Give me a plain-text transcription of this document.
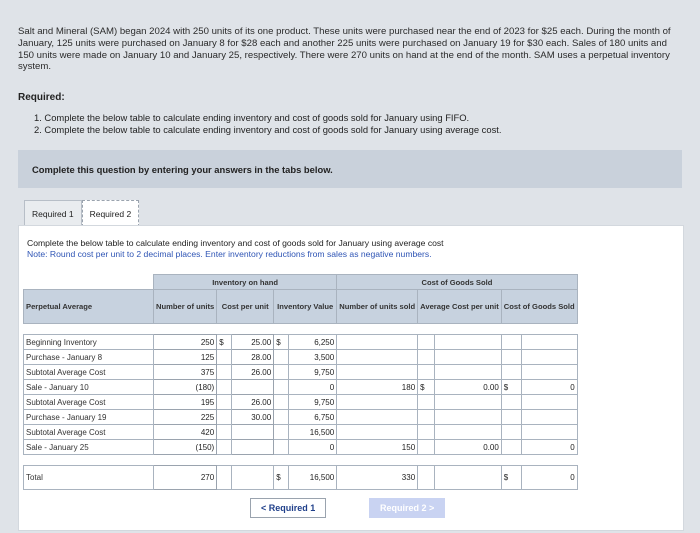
Salt and Mineral (SAM) began 2024 with 250 units of its one product. These units were purchased near the end of 2023 for $25 each. During the month of January, 125 units were purchased on January 8 for $28 each and another 225 units were purchased on January 19 for $30 each. Sales of 180 units and 150 units were made on January 10 and January 25, respectively. There were 270 units on hand at the end of the month. SAM uses a perpetual inventory system.
Required:
1. Complete the below table to calculate ending inventory and cost of goods sold for January using FIFO.
2. Complete the below table to calculate ending inventory and cost of goods sold for January using average cost.
Complete this question by entering your answers in the tabs below.
Required 1	Required 2
Complete the below table to calculate ending inventory and cost of goods sold for January using average cost
Note: Round cost per unit to 2 decimal places. Enter inventory reductions from sales as negative numbers.
	Inventory on hand					Cost of Goods Sold				
Perpetual Average	Number of units	Cost per unit		Inventory Value		Number of units sold	Average Cost per unit		Cost of Goods Sold	

Beginning Inventory	250	$	25.00	$	6,250					
Purchase - January 8	125		28.00		3,500					
Subtotal Average Cost	375		26.00		9,750					
Sale - January 10	(180)				0	180	$	0.00	$	0
Subtotal Average Cost	195		26.00		9,750					
Purchase - January 19	225		30.00		6,750					
Subtotal Average Cost	420				16,500					
Sale - January 25	(150)				0	150		0.00		0

Total	270			$	16,500	330			$	0
< Required 1	Required 2 >
